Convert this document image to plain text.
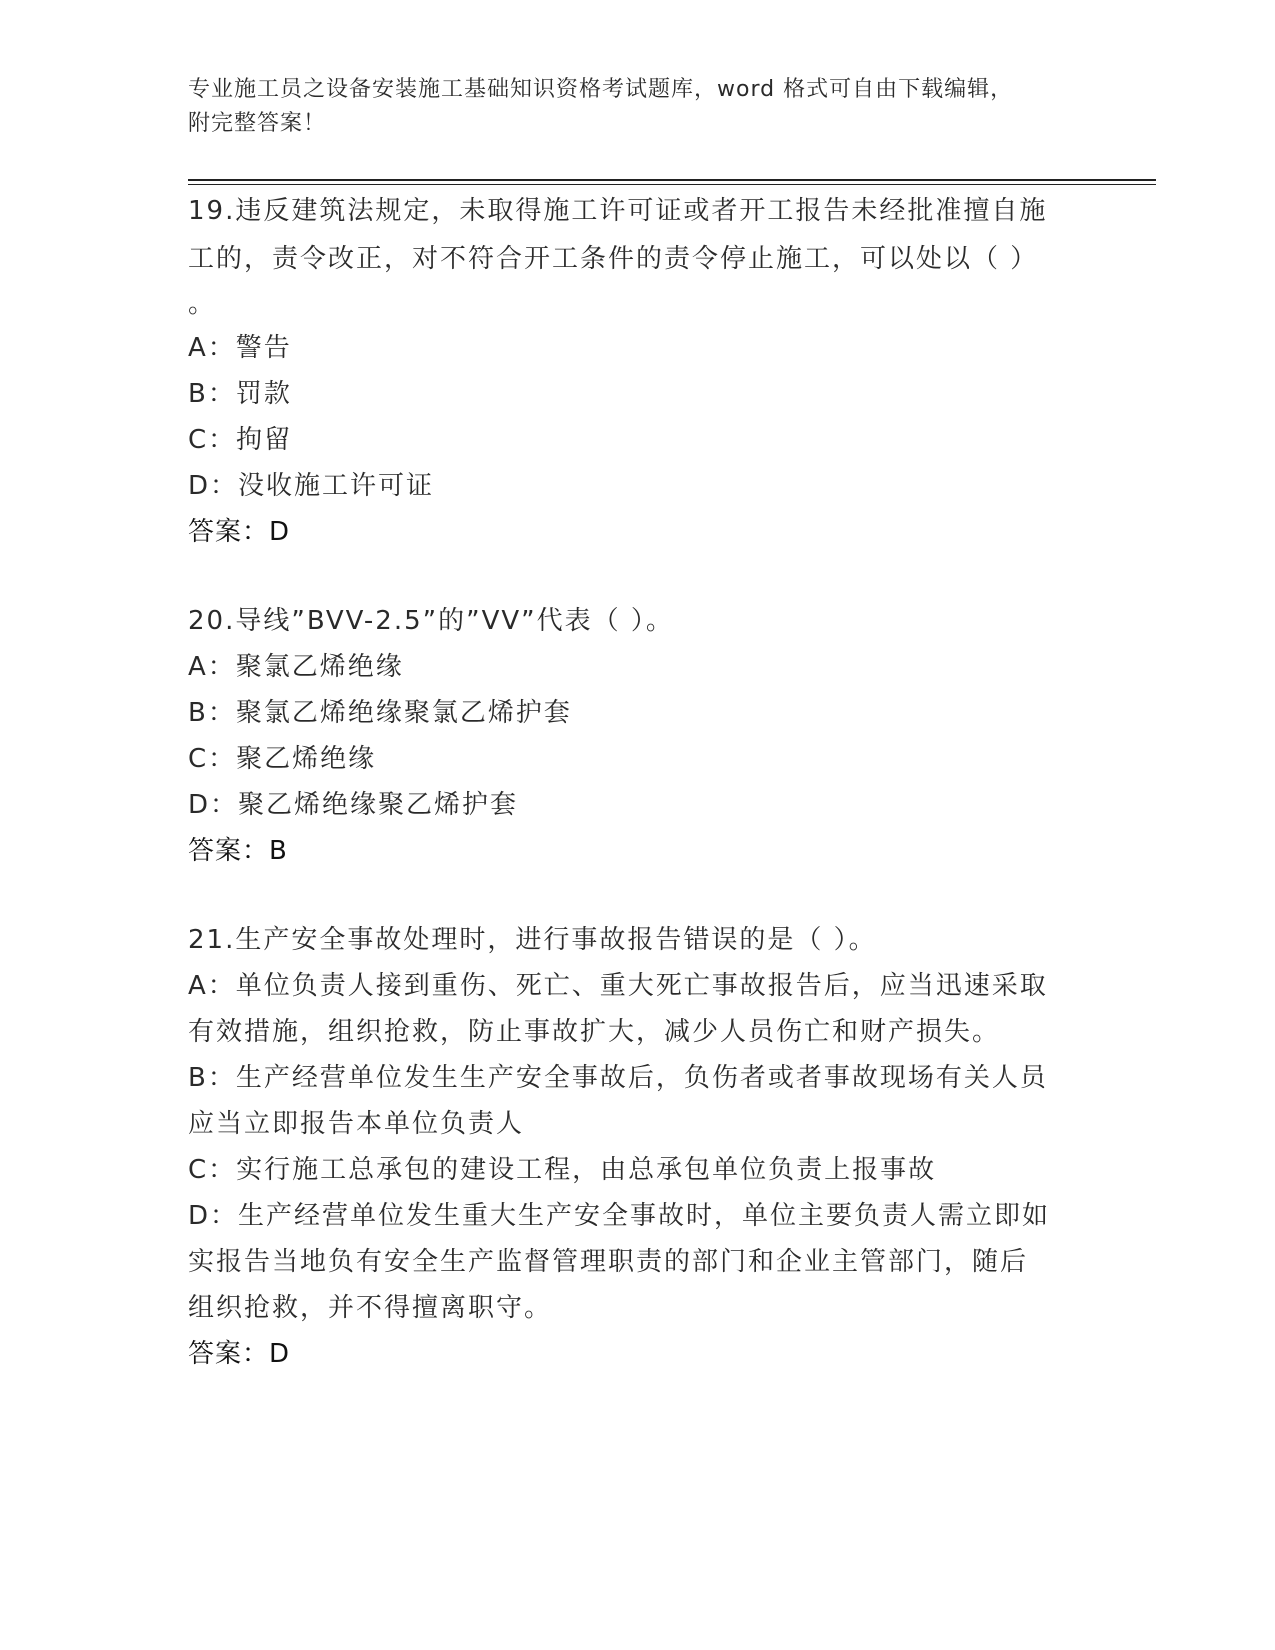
专业施工员之设备安装施工基础知识资格考试题库，word 格式可自由下载编辑，
附完整答案！
19.违反建筑法规定，未取得施工许可证或者开工报告未经批准擅自施
工的，责令改正，对不符合开工条件的责令停止施工，可以处以（ ）
。
A：警告
B：罚款
C：拘留
D：没收施工许可证
答案：D
20.导线”BVV-2.5”的”VV”代表（ ）。
A：聚氯乙烯绝缘
B：聚氯乙烯绝缘聚氯乙烯护套
C：聚乙烯绝缘
D：聚乙烯绝缘聚乙烯护套
答案：B
21.生产安全事故处理时，进行事故报告错误的是（ ）。
A：单位负责人接到重伤、死亡、重大死亡事故报告后，应当迅速采取
有效措施，组织抢救，防止事故扩大，减少人员伤亡和财产损失。
B：生产经营单位发生生产安全事故后，负伤者或者事故现场有关人员
应当立即报告本单位负责人
C：实行施工总承包的建设工程，由总承包单位负责上报事故
D：生产经营单位发生重大生产安全事故时，单位主要负责人需立即如
实报告当地负有安全生产监督管理职责的部门和企业主管部门，随后
组织抢救，并不得擅离职守。
答案：D
